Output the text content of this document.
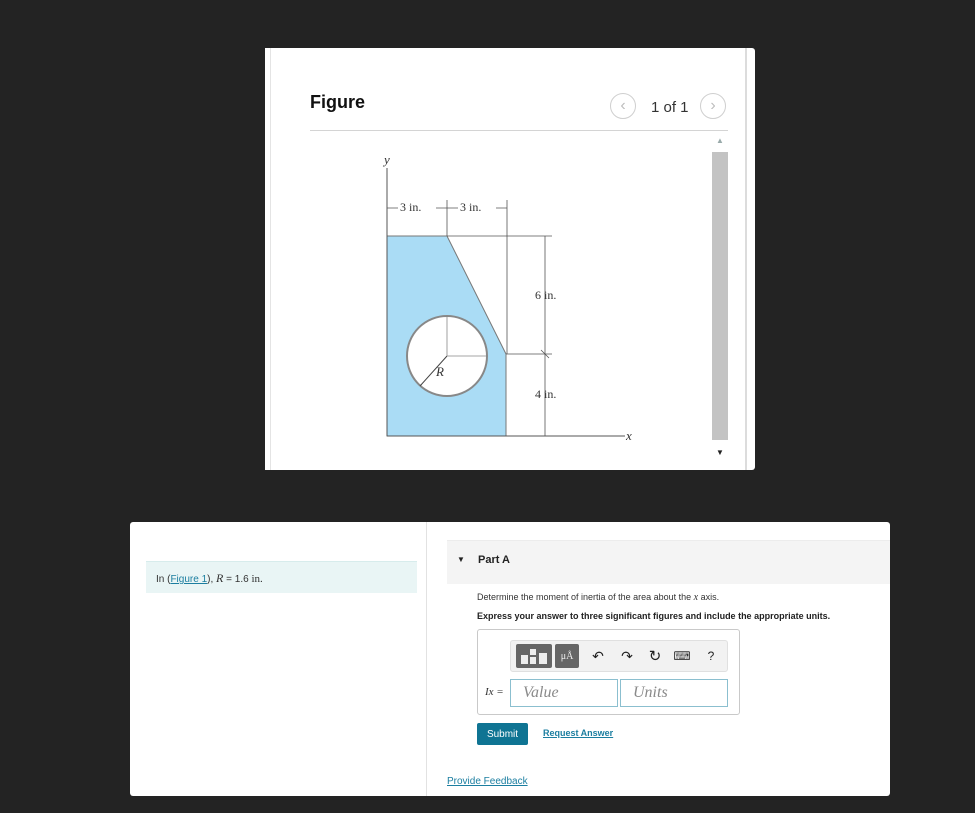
Figure	‹ 1 of 1 ›
y
x
3 in.	3 in.
6 in.
4 in.
R
▲
▼
In (Figure 1), R = 1.6 in.
▼ Part A
Determine the moment of inertia of the area about the x axis.
Express your answer to three significant figures and include the appropriate units.
μÅ	↶ ↷ ↻ ⌨	?
Ix =
Value
Units
Submit	Request Answer
Provide Feedback
